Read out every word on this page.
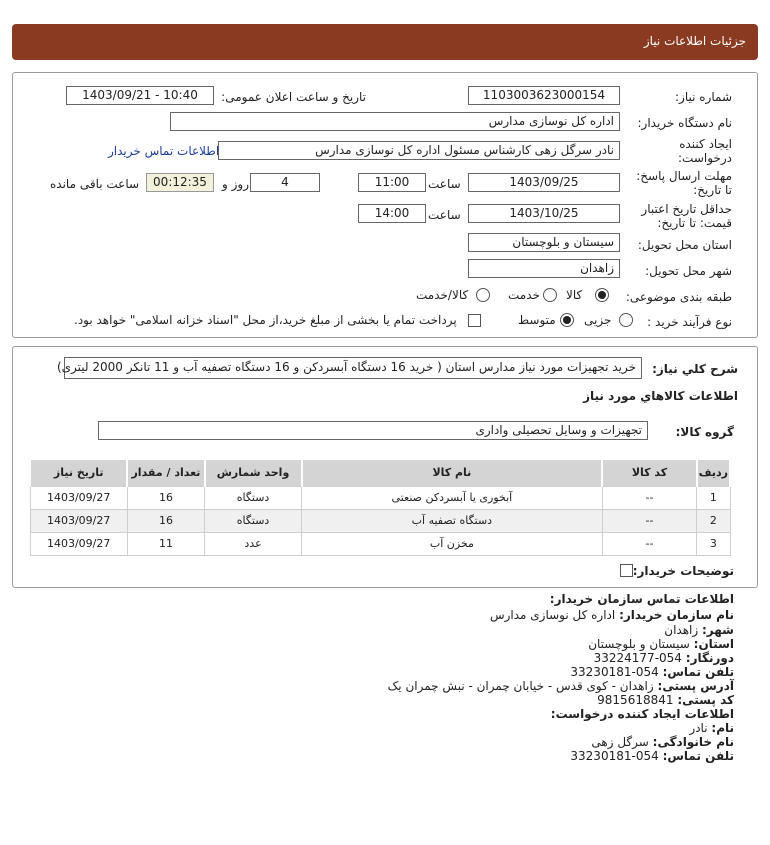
جزئیات اطلاعات نیاز
شماره نیاز:
1103003623000154
تاریخ و ساعت اعلان عمومی:
1403/09/21 - 10:40
نام دستگاه خریدار:
اداره کل نوسازی مدارس
ایجاد کننده
درخواست:
نادر سرگل زهی کارشناس مسئول اداره کل نوسازی مدارس
اطلاعات تماس خریدار
مهلت ارسال پاسخ:
تا تاریخ:
1403/09/25
ساعت
11:00
4
روز و
00:12:35
ساعت باقی مانده
حداقل تاریخ اعتبار
قیمت: تا تاریخ:
1403/10/25
ساعت
14:00
استان محل تحویل:
سیستان و بلوچستان
شهر محل تحویل:
زاهدان
طبقه بندی موضوعی:
کالا
خدمت
کالا/خدمت
نوع فرآیند خرید :
جزیی
متوسط
پرداخت تمام یا بخشی از مبلغ خرید،از محل "اسناد خزانه اسلامی" خواهد بود.
شرح کلي نياز:
خرید تجهیزات مورد نیاز مدارس استان ( خرید 16 دستگاه آبسردکن و 16 دستگاه تصفیه آب و 11 تانکر 2000 لیتری)
اطلاعات کالاهاي مورد نياز
گروه کالا:
تجهیزات و وسایل تحصیلی واداری
ردیف	کد کالا	نام کالا	واحد شمارش	تعداد / مقدار	تاریخ نیاز
1	--	آبخوری یا آبسردکن صنعتی	دستگاه	16	1403/09/27
2	--	دستگاه تصفیه آب	دستگاه	16	1403/09/27
3	--	مخزن آب	عدد	11	1403/09/27
توضیحات خریدار:
اطلاعات تماس سازمان خریدار:
نام سازمان خریدار: اداره کل نوسازی مدارس
شهر: زاهدان
استان: سیستان و بلوچستان
دورنگار: 054-33224177
تلفن تماس: 054-33230181
آدرس پستی: زاهدان - کوی قدس - خیابان چمران - نبش چمران یک
کد پستی: 9815618841
اطلاعات ایجاد کننده درخواست:
نام: نادر
نام خانوادگی: سرگل زهی
تلفن تماس: 054-33230181
